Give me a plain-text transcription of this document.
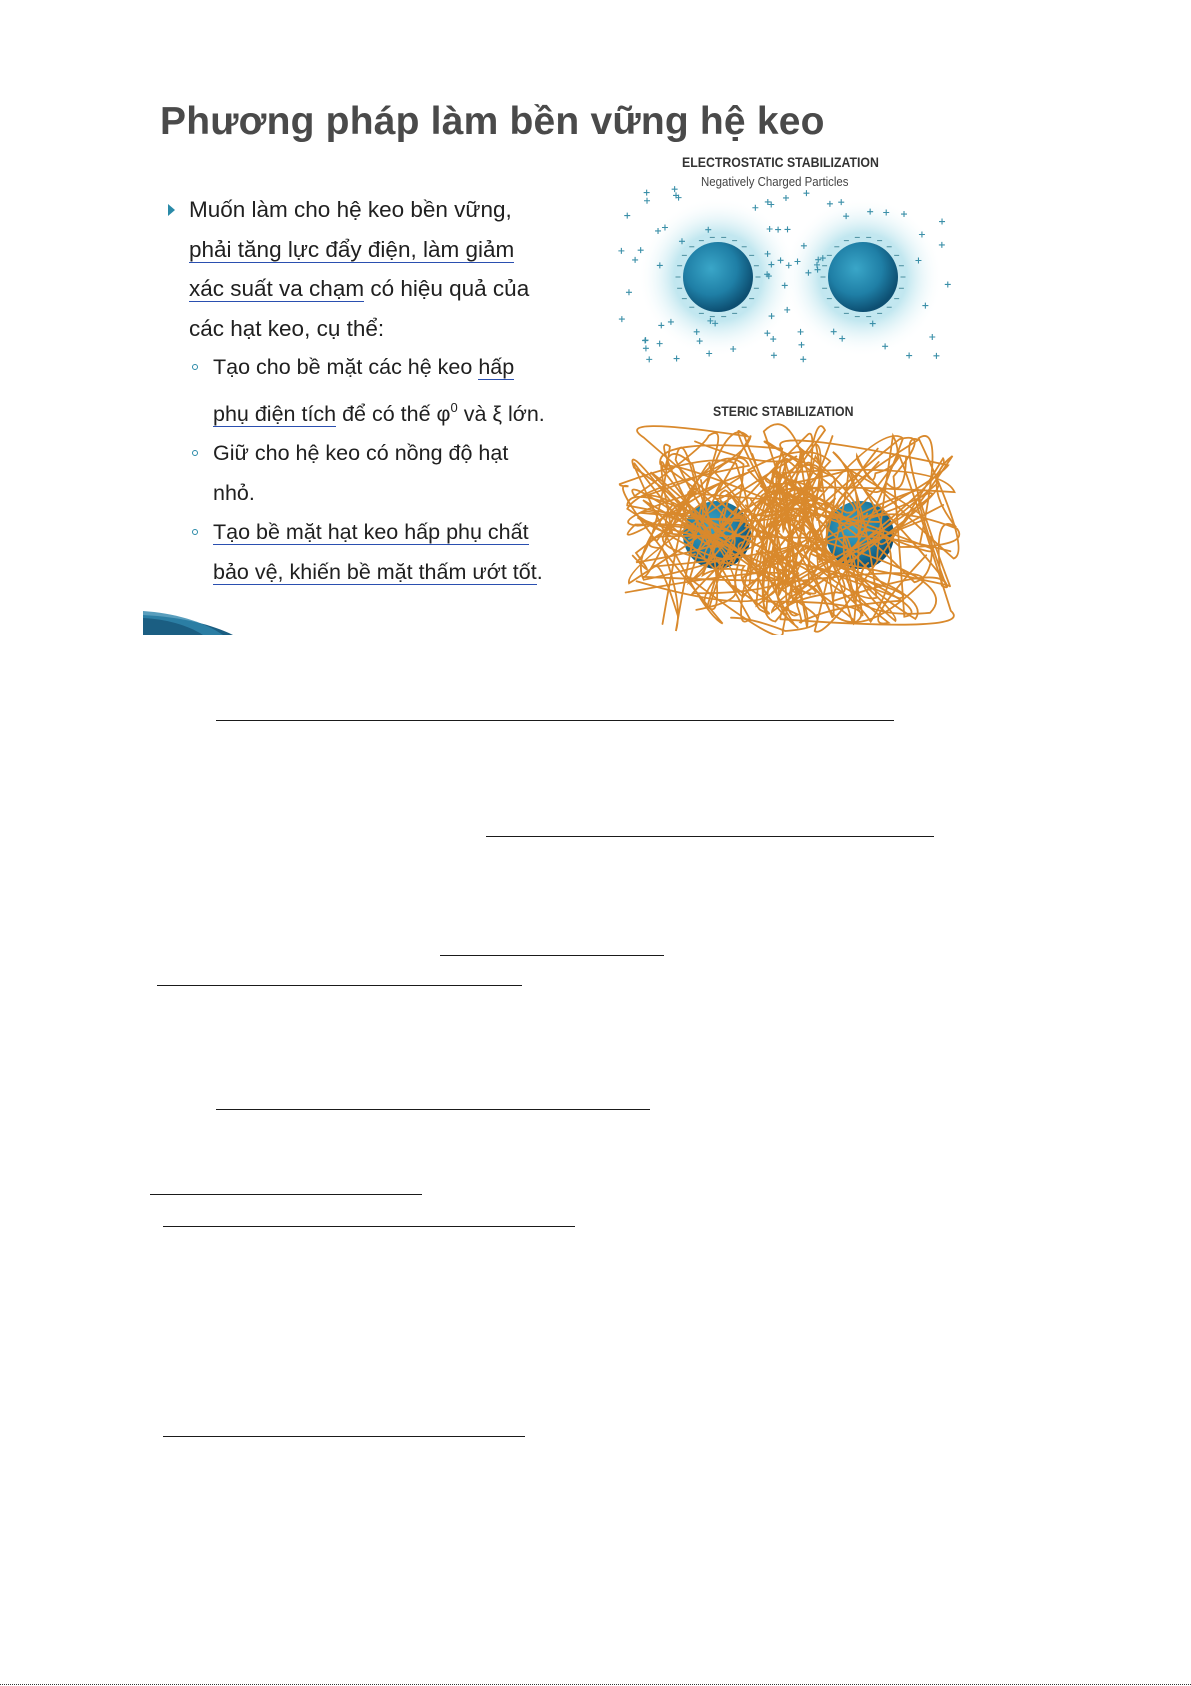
Phương pháp làm bền vững hệ keo
Muốn làm cho hệ keo bền vững,
phải tăng lực đẩy điện, làm giảm
xác suất va chạm có hiệu quả của
các hạt keo, cụ thể:
Tạo cho bề mặt các hệ keo hấp
phụ điện tích để có thế $\varphi^0$ và ξ lớn.
Giữ cho hệ keo có nồng độ hạt
nhỏ.
Tạo bề mặt hạt keo hấp phụ chất
bảo vệ, khiến bề mặt thấm ướt tốt.
ELECTROSTATIC STABILIZATION
Negatively Charged Particles
STERIC STABILIZATION
